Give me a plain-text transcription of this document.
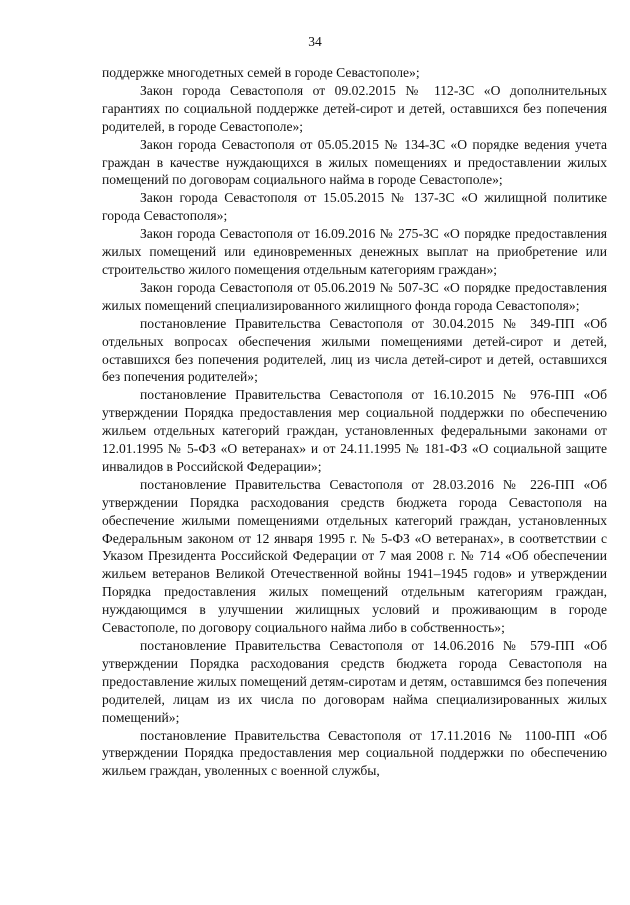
34

поддержке многодетных семей в городе Севастополе»;

Закон города Севастополя от 09.02.2015 № 112-ЗС «О дополнительных гарантиях по социальной поддержке детей-сирот и детей, оставшихся без попечения родителей, в городе Севастополе»;

Закон города Севастополя от 05.05.2015 № 134-ЗС «О порядке ведения учета граждан в качестве нуждающихся в жилых помещениях и предоставлении жилых помещений по договорам социального найма в городе Севастополе»;

Закон города Севастополя от 15.05.2015 № 137-ЗС «О жилищной политике города Севастополя»;

Закон города Севастополя от 16.09.2016 № 275-ЗС «О порядке предоставления жилых помещений или единовременных денежных выплат на приобретение или строительство жилого помещения отдельным категориям граждан»;

Закон города Севастополя от 05.06.2019 № 507-ЗС «О порядке предоставления жилых помещений специализированного жилищного фонда города Севастополя»;

постановление Правительства Севастополя от 30.04.2015 № 349-ПП «Об отдельных вопросах обеспечения жилыми помещениями детей-сирот и детей, оставшихся без попечения родителей, лиц из числа детей-сирот и детей, оставшихся без попечения родителей»;

постановление Правительства Севастополя от 16.10.2015 № 976-ПП «Об утверждении Порядка предоставления мер социальной поддержки по обеспечению жильем отдельных категорий граждан, установленных федеральными законами от 12.01.1995 № 5-ФЗ «О ветеранах» и от 24.11.1995 № 181-ФЗ «О социальной защите инвалидов в Российской Федерации»;

постановление Правительства Севастополя от 28.03.2016 № 226-ПП «Об утверждении Порядка расходования средств бюджета города Севастополя на обеспечение жилыми помещениями отдельных категорий граждан, установленных Федеральным законом от 12 января 1995 г. № 5-ФЗ «О ветеранах», в соответствии с Указом Президента Российской Федерации от 7 мая 2008 г. № 714 «Об обеспечении жильем ветеранов Великой Отечественной войны 1941–1945 годов» и утверждении Порядка предоставления жилых помещений отдельным категориям граждан, нуждающимся в улучшении жилищных условий и проживающим в городе Севастополе, по договору социального найма либо в собственность»;

постановление Правительства Севастополя от 14.06.2016 № 579-ПП «Об утверждении Порядка расходования средств бюджета города Севастополя на предоставление жилых помещений детям-сиротам и детям, оставшимся без попечения родителей, лицам из их числа по договорам найма специализированных жилых помещений»;

постановление Правительства Севастополя от 17.11.2016 № 1100-ПП «Об утверждении Порядка предоставления мер социальной поддержки по обеспечению жильем граждан, уволенных с военной службы,
